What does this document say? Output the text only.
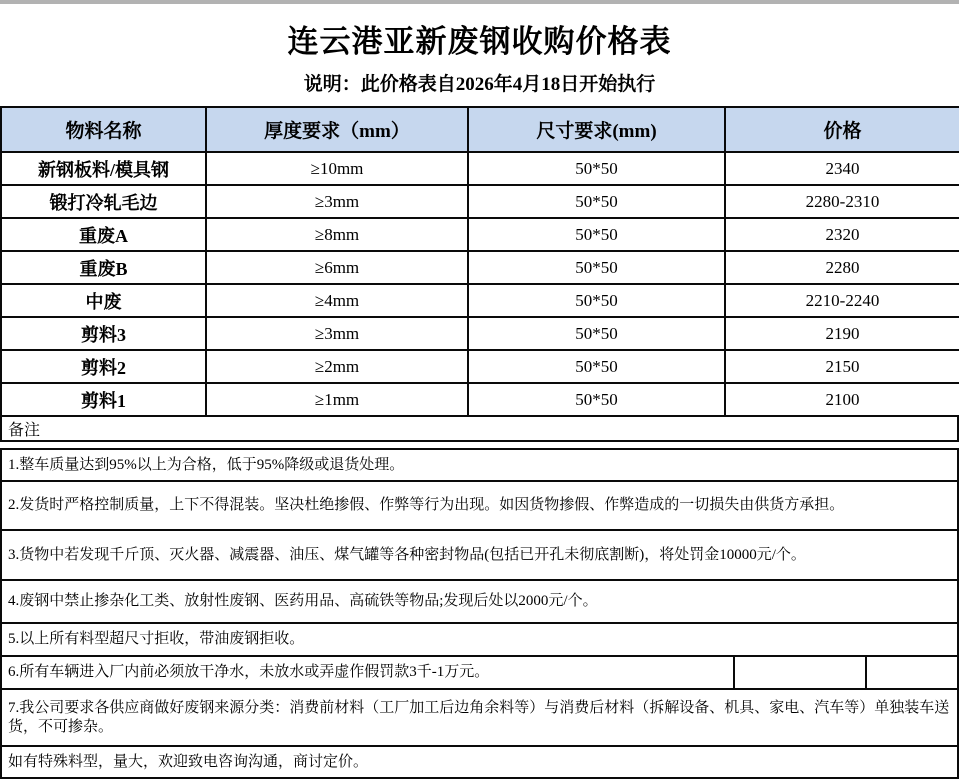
连云港亚新废钢收购价格表
说明：此价格表自2026年4月18日开始执行
物料名称	厚度要求（mm）	尺寸要求(mm)	价格
新钢板料/模具钢	≥10mm	50*50	2340
锻打冷轧毛边	≥3mm	50*50	2280-2310
重废A	≥8mm	50*50	2320
重废B	≥6mm	50*50	2280
中废	≥4mm	50*50	2210-2240
剪料3	≥3mm	50*50	2190
剪料2	≥2mm	50*50	2150
剪料1	≥1mm	50*50	2100
备注
1.整车质量达到95%以上为合格，低于95%降级或退货处理。
2.发货时严格控制质量，上下不得混装。坚决杜绝掺假、作弊等行为出现。如因货物掺假、作弊造成的一切损失由供货方承担。
3.货物中若发现千斤顶、灭火器、减震器、油压、煤气罐等各种密封物品(包括已开孔未彻底割断)，将处罚金10000元/个。
4.废钢中禁止掺杂化工类、放射性废钢、医药用品、高硫铁等物品;发现后处以2000元/个。
5.以上所有料型超尺寸拒收，带油废钢拒收。
6.所有车辆进入厂内前必须放干净水，未放水或弄虚作假罚款3千-1万元。
7.我公司要求各供应商做好废钢来源分类：消费前材料（工厂加工后边角余料等）与消费后材料（拆解设备、机具、家电、汽车等）单独装车送货，不可掺杂。
如有特殊料型，量大，欢迎致电咨询沟通，商讨定价。
